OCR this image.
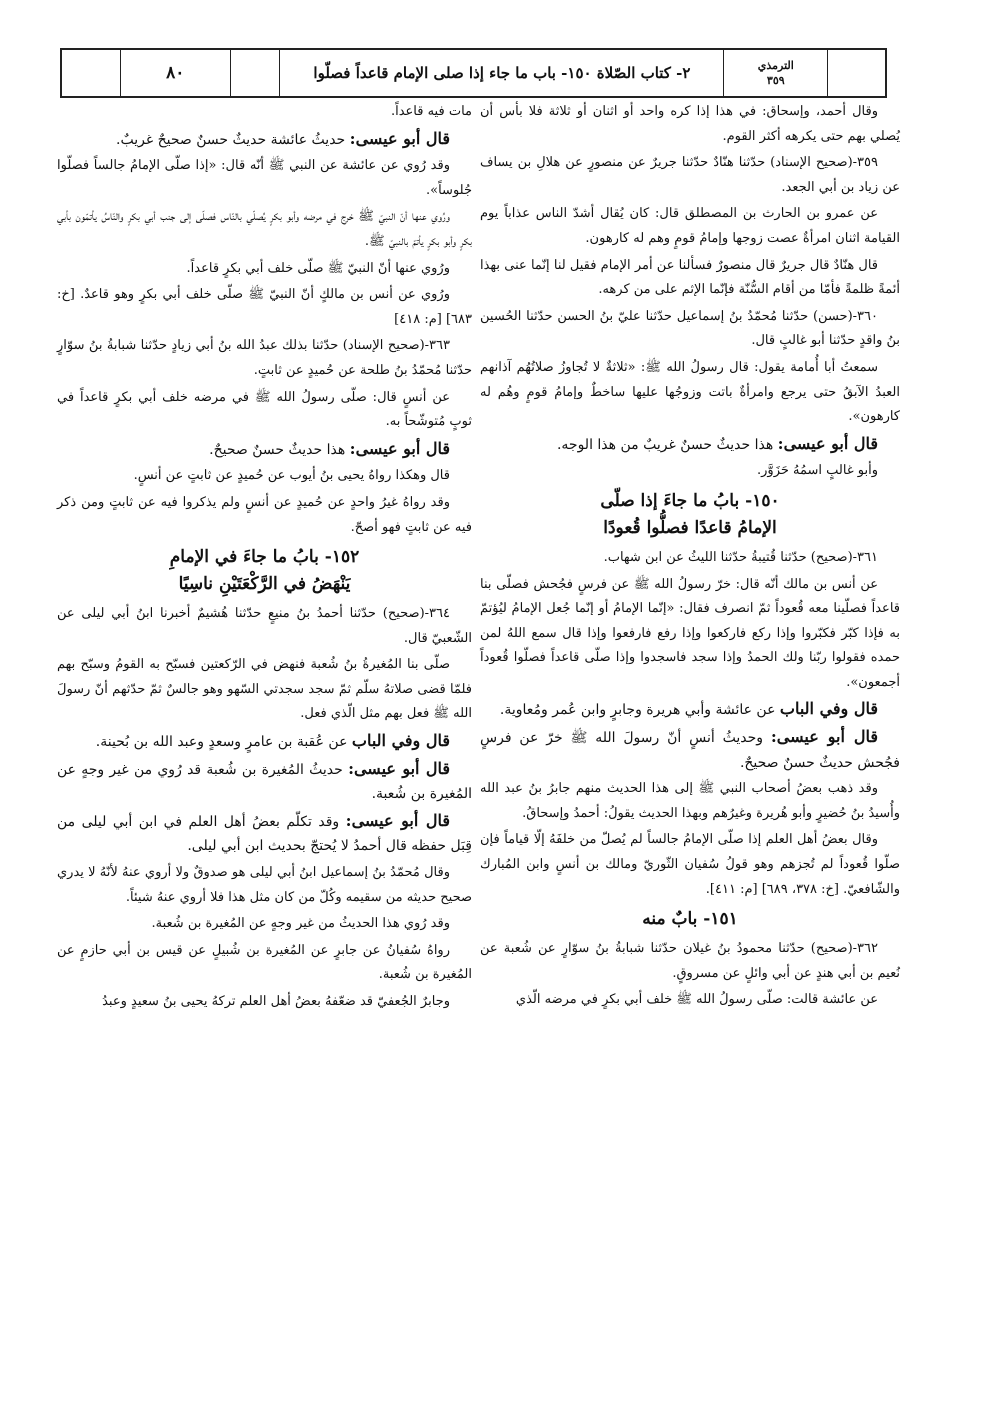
الترمذي
٣٥٩
٢- كتاب الصّلاة ١٥٠- باب ما جاء إذا صلى الإمام قاعداً فصلّوا
٨٠

وقال أحمد، وإسحاق: في هذا إذا كره واحد أو اثنان أو ثلاثة فلا بأس أن يُصلي بهم حتى يكرهه أكثر القوم.

٣٥٩-(صحيح الإسناد) حدّثنا هنّادٌ حدّثنا جريرٌ عن منصورٍ عن هلالِ بن يساف عن زياد بن أبي الجعد.

عن عمرو بن الحارث بن المصطلق قال: كان يُقال أشدّ الناس عذاباً يوم القيامة اثنان امرأةٌ عصت زوجها وإمامُ قومٍ وهم له كارهون.

قال هنّادٌ قال جريرٌ قال منصورٌ فسألنا عن أمر الإمام فقيل لنا إنّما عنى بهذا أئمةً ظلمةً فأمّا من أقام السُّنّة فإنّما الإثم على من كرهه.

٣٦٠-(حسن) حدّثنا مُحمّدُ بنُ إسماعيل حدّثنا عليّ بنُ الحسن حدّثنا الحُسين بنُ واقدٍ حدّثنا أبو غالبٍ قال.

سمعتُ أبا أُمامة يقول: قال رسولُ الله ﷺ: «ثلاثةٌ لا تُجاوزُ صلاتُهُم آذانهم العبدُ الآبقُ حتى يرجع وامرأةٌ باتت وزوجُها عليها ساخطٌ وإمامُ قومٍ وهُم له كارهون».

قال أبو عيسى: هذا حديثٌ حسنٌ غريبٌ من هذا الوجه.

وأبو غالبٍ اسمُهُ حَزَوَّر.

١٥٠- بابُ ما جاءَ إذا صلّى
الإمامُ قاعدًا فصلُّوا قُعودًا

٣٦١-(صحيح) حدّثنا قُتيبةُ حدّثنا الليثُ عن ابن شهاب.

عن أنس بن مالك أنّه قال: خرّ رسولُ الله ﷺ عن فرسٍ فجُحش فصلّى بنا قاعداً فصلّينا معه قُعوداً ثمّ انصرف فقال: «إنّما الإمامُ أو إنّما جُعل الإمامُ ليُؤتمّ به فإذا كبّر فكبّروا وإذا ركع فاركعوا وإذا رفع فارفعوا وإذا قال سمع اللهُ لمن حمده فقولوا ربّنا ولك الحمدُ وإذا سجد فاسجدوا وإذا صلّى قاعداً فصلّوا قُعوداً أجمعون».

قال وفي الباب عن عائشة وأبي هريرة وجابرٍ وابن عُمر ومُعاوية.

قال أبو عيسى: وحديثُ أنسٍ أنّ رسولَ الله ﷺ خرّ عن فرسٍ فجُحش حديثٌ حسنٌ صحيحٌ.

وقد ذهب بعضُ أصحاب النبي ﷺ إلى هذا الحديث منهم جابرُ بنُ عبد الله وأُسيدُ بنُ حُضيرٍ وأبو هُريرة وغيرُهم وبهذا الحديث يقولُ: أحمدُ وإسحاقُ.

وقال بعضُ أهل العلم إذا صلّى الإمامُ جالساً لم يُصلّ من خلفَهُ إلّا قياماً فإن صلّوا قُعوداً لم تُجزهم وهو قولُ سُفيان الثّوريّ ومالك بن أنسٍ وابن المُبارك والشّافعيّ. [خ: ٣٧٨، ٦٨٩] [م: ٤١١].

١٥١- بابٌ منه

٣٦٢-(صحيح) حدّثنا محمودُ بنُ غيلان حدّثنا شبابةُ بنُ سوّارٍ عن شُعبة عن نُعيم بن أبي هندٍ عن أبي وائلٍ عن مسروقٍ.

عن عائشة قالت: صلّى رسولُ الله ﷺ خلف أبي بكرٍ في مرضه الّذي

مات فيه قاعداً.

قال أبو عيسى: حديثُ عائشة حديثٌ حسنٌ صحيحٌ غريبٌ.

وقد رُوي عن عائشة عن النبي ﷺ أنّه قال: «إذا صلّى الإمامُ جالساً فصلّوا جُلوساً».

ورُوي عنها أنّ النبيّ ﷺ خرج في مرضه وأبو بكرٍ يُصلّي بالنّاس فصلّى إلى جنب أبي بكرٍ والنّاسُ يأتمّون بأبي بكرٍ وأبو بكرٍ يأتمّ بالنبيّ ﷺ.

ورُوي عنها أنّ النبيّ ﷺ صلّى خلف أبي بكرٍ قاعداً.

ورُوي عن أنس بن مالكٍ أنّ النبيّ ﷺ صلّى خلف أبي بكرٍ وهو قاعدٌ. [خ: ٦٨٣] [م: ٤١٨]

٣٦٣-(صحيح الإسناد) حدّثنا بذلك عبدُ الله بنُ أبي زيادٍ حدّثنا شبابةُ بنُ سوّارٍ حدّثنا مُحمّدُ بنُ طلحة عن حُميدٍ عن ثابتٍ.

عن أنسٍ قال: صلّى رسولُ الله ﷺ في مرضه خلف أبي بكرٍ قاعداً في ثوبٍ مُتوشّحاً به.

قال أبو عيسى: هذا حديثٌ حسنٌ صحيحٌ.

قال وهكذا رواهُ يحيى بنُ أيوب عن حُميدٍ عن ثابتٍ عن أنسٍ.

وقد رواهُ غيرُ واحدٍ عن حُميدٍ عن أنسٍ ولم يذكروا فيه عن ثابتٍ ومن ذكر فيه عن ثابتٍ فهو أصحّ.

١٥٢- بابُ ما جاءَ في الإمامِ
يَنْهَضُ في الرَّكْعَتَيْنِ ناسِيًا

٣٦٤-(صحيح) حدّثنا أحمدُ بنُ منيعٍ حدّثنا هُشيمٌ أخبرنا ابنُ أبي ليلى عن الشّعبيّ قال.

صلّى بنا المُغيرةُ بنُ شُعبة فنهض في الرّكعتين فسبّح به القومُ وسبّح بهم فلمّا قضى صلاتهُ سلّم ثمّ سجد سجدتي السّهو وهو جالسٌ ثمّ حدّثهم أنّ رسولَ الله ﷺ فعل بهم مثل الّذي فعل.

قال وفي الباب عن عُقبة بن عامرٍ وسعدٍ وعبد الله بن بُحينة.

قال أبو عيسى: حديثُ المُغيرة بن شُعبة قد رُوي من غير وجهٍ عن المُغيرة بن شُعبة.

قال أبو عيسى: وقد تكلّم بعضُ أهل العلم في ابن أبي ليلى من قِبَل حفظه قال أحمدُ لا يُحتجّ بحديث ابن أبي ليلى.

وقال مُحمّدُ بنُ إسماعيل ابنُ أبي ليلى هو صدوقٌ ولا أروي عنهُ لأنّهُ لا يدري صحيح حديثه من سقيمه وكُلّ من كان مثل هذا فلا أروي عنهُ شيئاً.

وقد رُوي هذا الحديثُ من غير وجهٍ عن المُغيرة بن شُعبة.

رواهُ سُفيانُ عن جابرٍ عن المُغيرة بن شُبيلٍ عن قيس بن أبي حازمٍ عن المُغيرة بن شُعبة.

وجابرٌ الجُعفيّ قد ضعّفهُ بعضُ أهل العلم تركهُ يحيى بنُ سعيدٍ وعبدُ
